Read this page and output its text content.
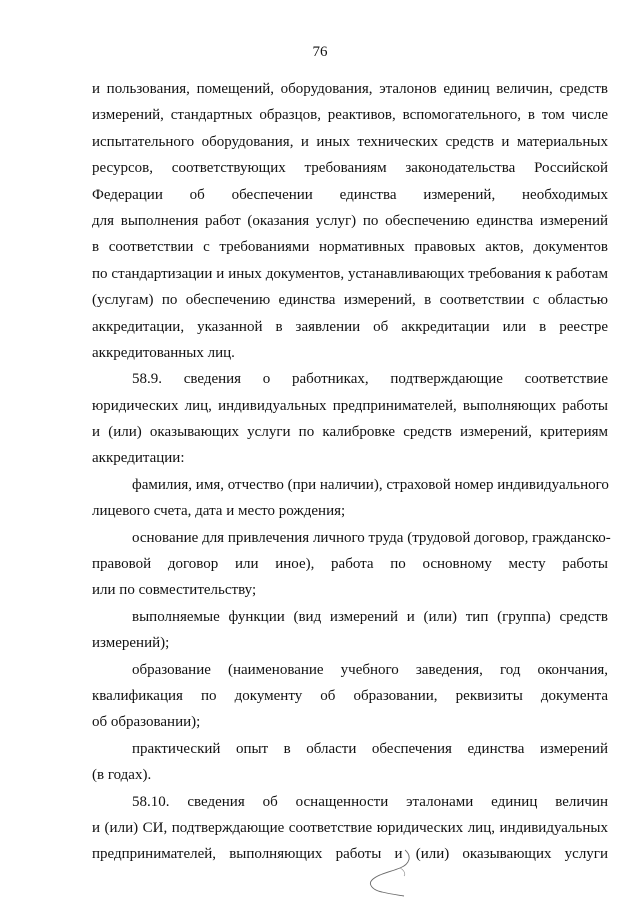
76
и пользования, помещений, оборудования, эталонов единиц величин, средств
измерений, стандартных образцов, реактивов, вспомогательного, в том числе
испытательного оборудования, и иных технических средств и материальных
ресурсов, соответствующих требованиям законодательства Российской
Федерации об обеспечении единства измерений, необходимых
для выполнения работ (оказания услуг) по обеспечению единства измерений
в соответствии с требованиями нормативных правовых актов, документов
по стандартизации и иных документов, устанавливающих требования к работам
(услугам) по обеспечению единства измерений, в соответствии с областью
аккредитации, указанной в заявлении об аккредитации или в реестре
аккредитованных лиц.
58.9. сведения о работниках, подтверждающие соответствие
юридических лиц, индивидуальных предпринимателей, выполняющих работы
и (или) оказывающих услуги по калибровке средств измерений, критериям
аккредитации:
фамилия, имя, отчество (при наличии), страховой номер индивидуального
лицевого счета, дата и место рождения;
основание для привлечения личного труда (трудовой договор, гражданско-
правовой договор или иное), работа по основному месту работы
или по совместительству;
выполняемые функции (вид измерений и (или) тип (группа) средств
измерений);
образование (наименование учебного заведения, год окончания,
квалификация по документу об образовании, реквизиты документа
об образовании);
практический опыт в области обеспечения единства измерений
(в годах).
58.10. сведения об оснащенности эталонами единиц величин
и (или) СИ, подтверждающие соответствие юридических лиц, индивидуальных
предпринимателей, выполняющих работы и (или) оказывающих услуги
